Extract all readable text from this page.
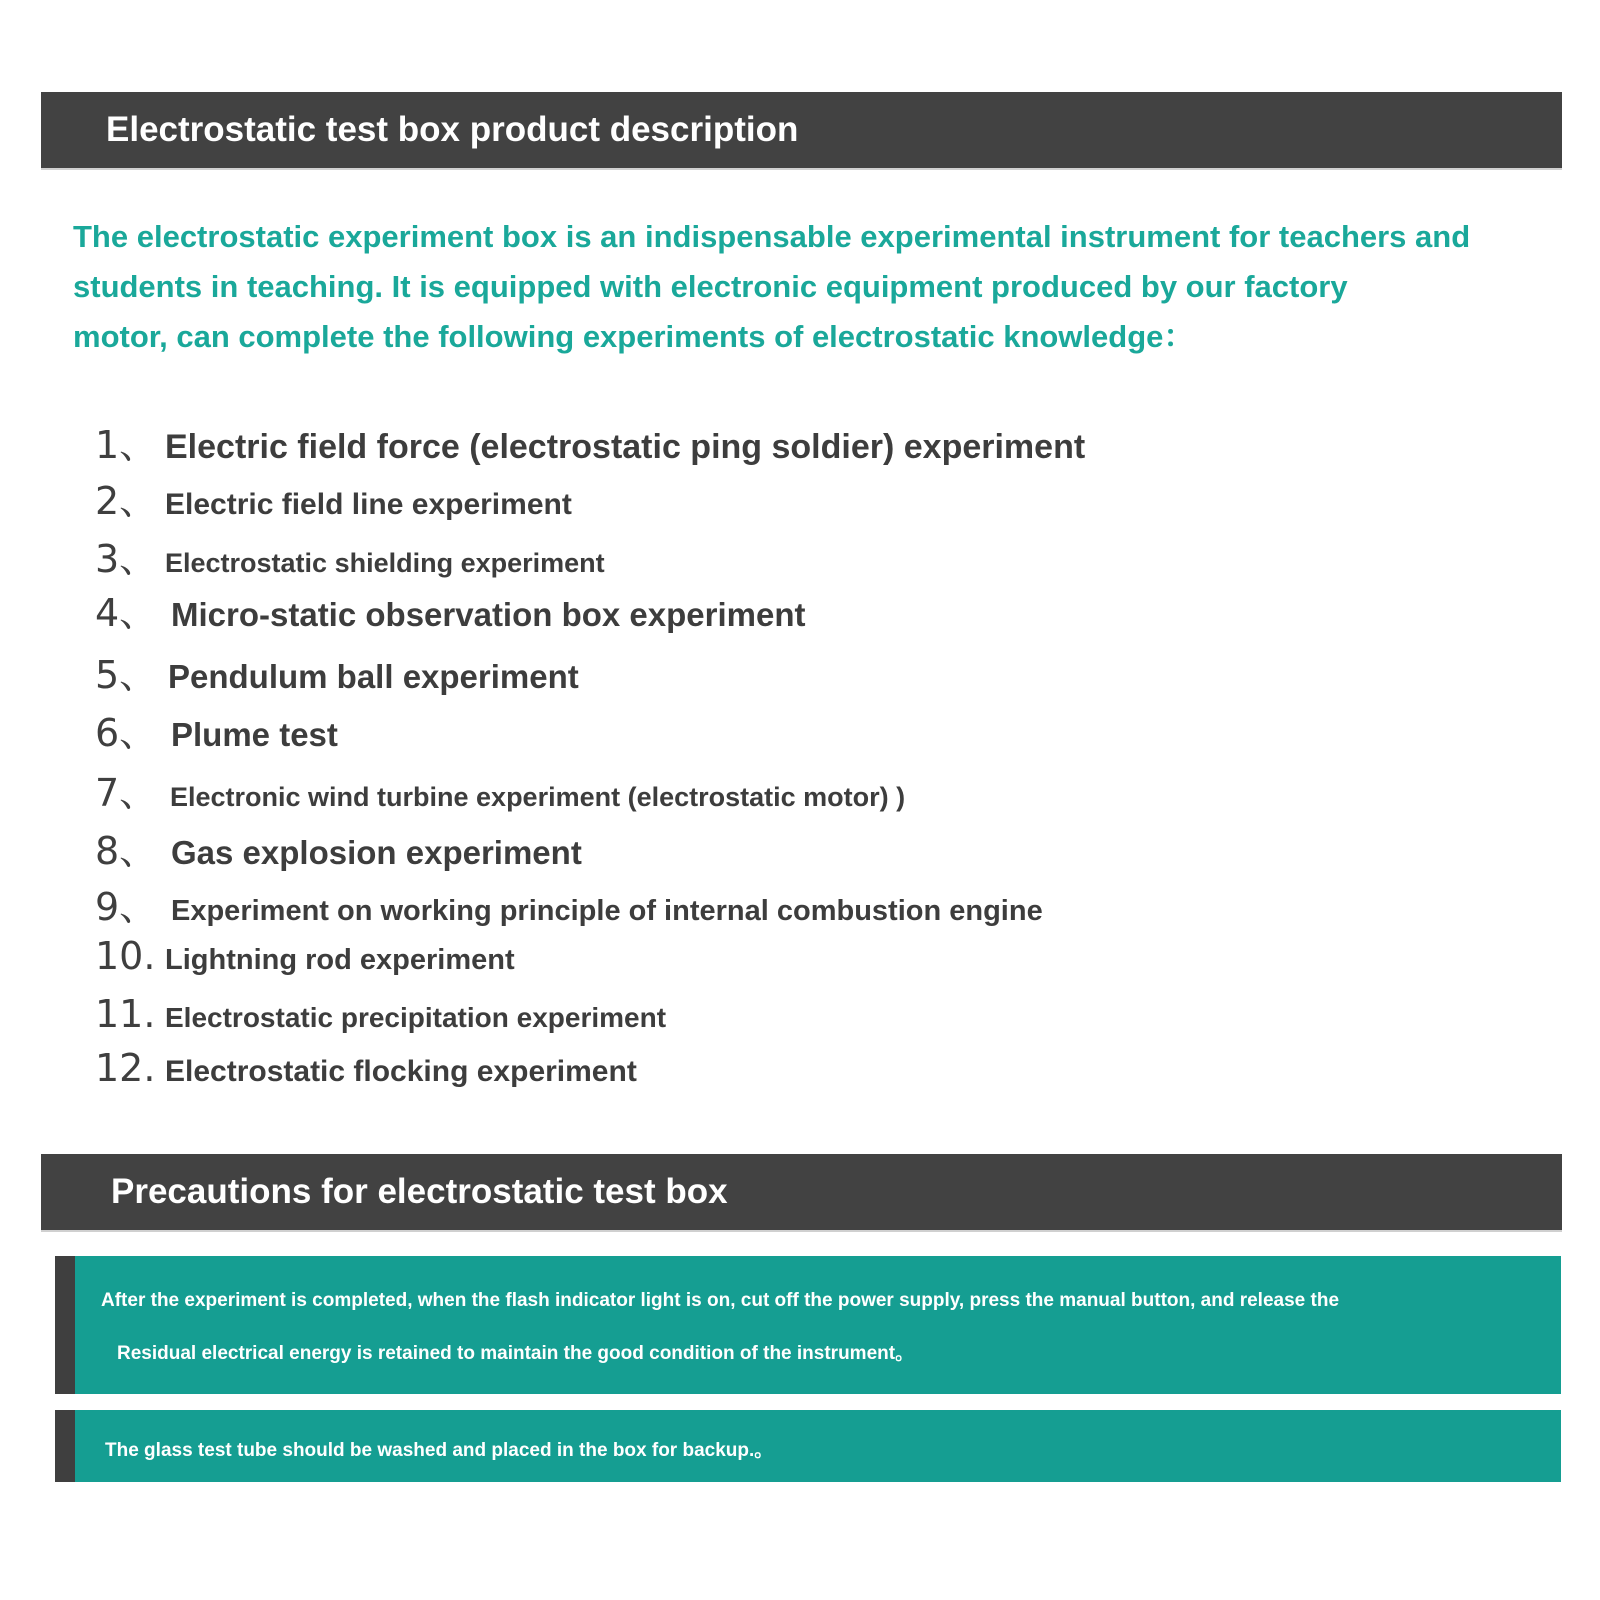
Electrostatic test box product description

The electrostatic experiment box is an indispensable experimental instrument for teachers and
students in teaching. It is equipped with electronic equipment produced by our factory
motor, can complete the following experiments of electrostatic knowledge：

1、 Electric field force (electrostatic ping soldier) experiment
2、 Electric field line experiment
3、 Electrostatic shielding experiment
4、 Micro-static observation box experiment
5、 Pendulum ball experiment
6、 Plume test
7、 Electronic wind turbine experiment (electrostatic motor) )
8、 Gas explosion experiment
9、 Experiment on working principle of internal combustion engine
10. Lightning rod experiment
11. Electrostatic precipitation experiment
12. Electrostatic flocking experiment
Precautions for electrostatic test box
After the experiment is completed, when the flash indicator light is on, cut off the power supply, press the manual button, and release the
Residual electrical energy is retained to maintain the good condition of the instrument。
The glass test tube should be washed and placed in the box for backup.。
